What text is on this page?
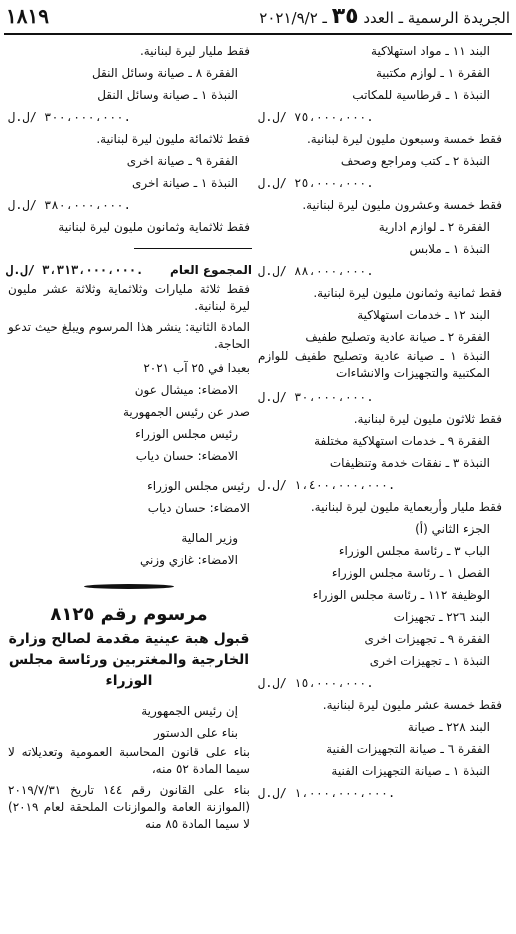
الجريدة الرسمية ـ العدد ٣٥ ـ ٢٠٢١/٩/٢
١٨١٩

البند ١١ ـ مواد استهلاكية

الفقرة ١ ـ لوازم مكتبية

النبذة ١ ـ قرطاسية للمكاتب

٧٥،٠٠٠،٠٠٠ /ل.ل.

فقط خمسة وسبعون مليون ليرة لبنانية.

النبذة ٢ ـ كتب ومراجع وصحف

٢٥،٠٠٠،٠٠٠ /ل.ل.

فقط خمسة وعشرون مليون ليرة لبنانية.

الفقرة ٢ ـ لوازم ادارية

النبذة ١ ـ ملابس

٨٨،٠٠٠،٠٠٠ /ل.ل.

فقط ثمانية وثمانون مليون ليرة لبنانية.

البند ١٢ ـ خدمات استهلاكية

الفقرة ٢ ـ صيانة عادية وتصليح طفيف

النبذة ١ ـ صيانة عادية وتصليح طفيف للوازم المكتبية والتجهيزات والانشاءات

٣٠،٠٠٠،٠٠٠ /ل.ل.

فقط ثلاثون مليون ليرة لبنانية.

الفقرة ٩ ـ خدمات استهلاكية مختلفة

النبذة ٣ ـ نفقات خدمة وتنظيفات

١،٤٠٠،٠٠٠،٠٠٠ /ل.ل.

فقط مليار وأربعماية مليون ليرة لبنانية.

الجزء الثاني (أ)

الباب ٣ ـ رئاسة مجلس الوزراء

الفصل ١ ـ رئاسة مجلس الوزراء

الوظيفة ١١٢ ـ رئاسة مجلس الوزراء

البند ٢٢٦ ـ تجهيزات

الفقرة ٩ ـ تجهيزات اخرى

النبذة ١ ـ تجهيزات اخرى

١٥،٠٠٠،٠٠٠ /ل.ل.

فقط خمسة عشر مليون ليرة لبنانية.

البند ٢٢٨ ـ صيانة

الفقرة ٦ ـ صيانة التجهيزات الفنية

النبذة ١ ـ صيانة التجهيزات الفنية

١،٠٠٠،٠٠٠،٠٠٠ /ل.ل.

فقط مليار ليرة لبنانية.

الفقرة ٨ ـ صيانة وسائل النقل

النبذة ١ ـ صيانة وسائل النقل

٣٠٠،٠٠٠،٠٠٠ /ل.ل.

فقط ثلاثمائة مليون ليرة لبنانية.

الفقرة ٩ ـ صيانة اخرى

النبذة ١ ـ صيانة اخرى

٣٨٠،٠٠٠،٠٠٠ /ل.ل.

فقط ثلاثماية وثمانون مليون ليرة لبنانية

المجموع العام
٣،٣١٣،٠٠٠،٠٠٠ /ل.ل.

فقط ثلاثة مليارات وثلاثماية وثلاثة عشر مليون ليرة لبنانية.

المادة الثانية: ينشر هذا المرسوم ويبلغ حيث تدعو الحاجة.

بعبدا في ٢٥ آب ٢٠٢١

الامضاء: ميشال عون

صدر عن رئيس الجمهورية

رئيس مجلس الوزراء

الامضاء: حسان دياب

رئيس مجلس الوزراء

الامضاء: حسان دياب

وزير المالية

الامضاء: غازي وزني

مرسوم رقم ٨١٢٥

قبول هبة عينية مقدمة لصالح وزارة الخارجية والمغتربين ورئاسة مجلس الوزراء

إن رئيس الجمهورية

بناء على الدستور

بناء على قانون المحاسبة العمومية وتعديلاته لا سيما المادة ٥٢ منه،

بناء على القانون رقم ١٤٤ تاريخ ٢٠١٩/٧/٣١ (الموازنة العامة والموازنات الملحقة لعام ٢٠١٩) لا سيما المادة ٨٥ منه
